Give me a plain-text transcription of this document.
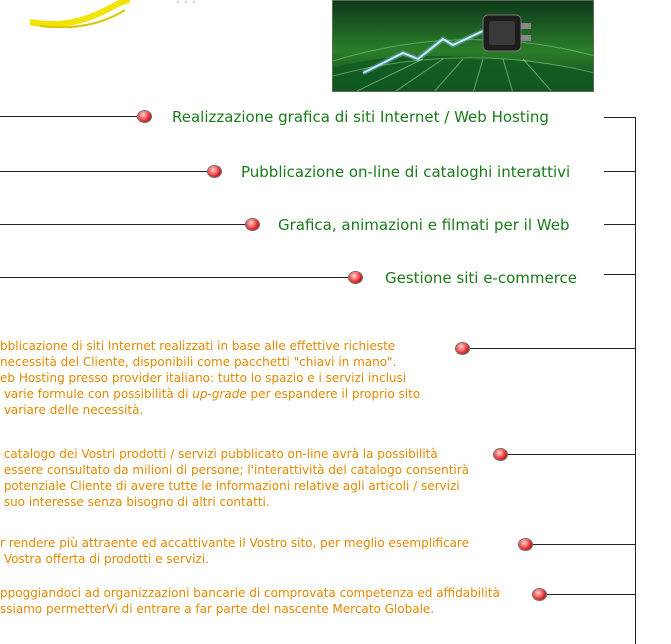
Realizzazione grafica di siti Internet / Web Hosting
Pubblicazione on-line di cataloghi interattivi
Grafica, animazioni e filmati per il Web
Gestione siti e-commerce
bblicazione di siti Internet realizzati in base alle effettive richieste
necessità del Cliente, disponibili come pacchetti "chiavi in mano".
eb Hosting presso provider italiano: tutto lo spazio e i servizi inclusi
varie formule con possibilità di up-grade per espandere il proprio sito
variare delle necessità.
catalogo dei Vostri prodotti / servizi pubblicato on-line avrà la possibilità
essere consultato da milioni di persone; l'interattività del catalogo consentirà
potenziale Cliente di avere tutte le informazioni relative agli articoli / servizi
suo interesse senza bisogno di altri contatti.
r rendere più attraente ed accattivante il Vostro sito, per meglio esemplificare
Vostra offerta di prodotti e servizi.
ppoggiandoci ad organizzazioni bancarie di comprovata competenza ed affidabilità
ssiamo permetterVi di entrare a far parte del nascente Mercato Globale.
